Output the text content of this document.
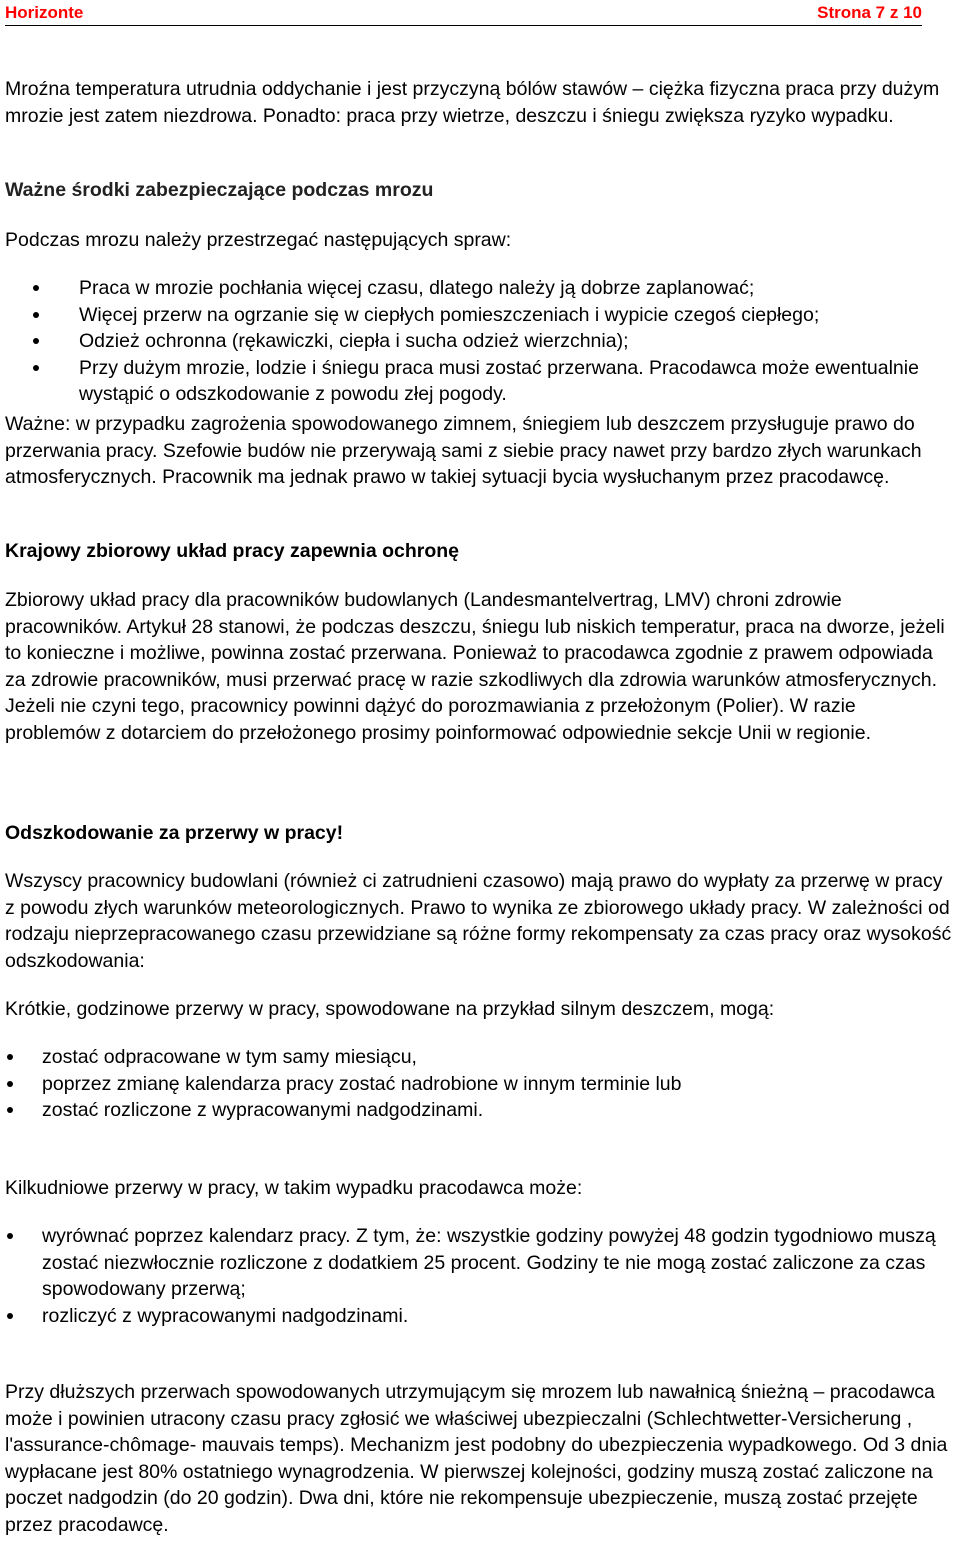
Horizonte	Strona 7 z 10
Mroźna temperatura utrudnia oddychanie i jest przyczyną bólów stawów – ciężka fizyczna praca przy dużym mrozie jest zatem niezdrowa. Ponadto: praca przy wietrze, deszczu i śniegu zwiększa ryzyko wypadku.
Ważne środki zabezpieczające podczas mrozu
Podczas mrozu należy przestrzegać następujących spraw:
Praca w mrozie pochłania więcej czasu, dlatego należy ją dobrze zaplanować;
Więcej przerw na ogrzanie się w ciepłych pomieszczeniach i wypicie czegoś ciepłego;
Odzież ochronna (rękawiczki, ciepła i sucha odzież wierzchnia);
Przy dużym mrozie, lodzie i śniegu praca musi zostać przerwana. Pracodawca może ewentualnie wystąpić o odszkodowanie z powodu złej pogody.
Ważne: w przypadku zagrożenia spowodowanego zimnem, śniegiem lub deszczem przysługuje prawo do przerwania pracy. Szefowie budów nie przerywają sami z siebie pracy nawet przy bardzo złych warunkach atmosferycznych. Pracownik ma jednak prawo w takiej sytuacji bycia wysłuchanym przez pracodawcę.
Krajowy zbiorowy układ pracy zapewnia ochronę
Zbiorowy układ pracy dla pracowników budowlanych (Landesmantelvertrag, LMV) chroni zdrowie pracowników. Artykuł 28 stanowi, że podczas deszczu, śniegu lub niskich temperatur, praca na dworze, jeżeli to konieczne i możliwe, powinna zostać przerwana. Ponieważ to pracodawca zgodnie z prawem odpowiada za zdrowie pracowników, musi przerwać pracę w razie szkodliwych dla zdrowia warunków atmosferycznych. Jeżeli nie czyni tego, pracownicy powinni dążyć do porozmawiania z przełożonym (Polier). W razie problemów z dotarciem do przełożonego prosimy poinformować odpowiednie sekcje Unii w regionie.
Odszkodowanie za przerwy w pracy!
Wszyscy pracownicy budowlani (również ci zatrudnieni czasowo) mają prawo do wypłaty za przerwę w pracy z powodu złych warunków meteorologicznych. Prawo to wynika ze zbiorowego układy pracy. W zależności od rodzaju nieprzepracowanego czasu przewidziane są różne formy rekompensaty za czas pracy oraz wysokość odszkodowania:
Krótkie, godzinowe przerwy w pracy, spowodowane na przykład silnym deszczem, mogą:
zostać odpracowane w tym samy miesiącu,
poprzez zmianę kalendarza pracy zostać nadrobione w innym terminie lub
zostać rozliczone z wypracowanymi nadgodzinami.
Kilkudniowe przerwy w pracy, w takim wypadku pracodawca może:
wyrównać poprzez kalendarz pracy. Z tym, że: wszystkie godziny powyżej 48 godzin tygodniowo muszą zostać niezwłocznie rozliczone z dodatkiem 25 procent. Godziny te nie mogą zostać zaliczone za czas spowodowany przerwą;
rozliczyć z wypracowanymi nadgodzinami.
Przy dłuższych przerwach spowodowanych utrzymującym się mrozem lub nawałnicą śnieżną – pracodawca może i powinien utracony czasu pracy zgłosić we właściwej ubezpieczalni (Schlechtwetter-Versicherung , l'assurance-chômage- mauvais temps). Mechanizm jest podobny do ubezpieczenia wypadkowego. Od 3 dnia wypłacane jest 80% ostatniego wynagrodzenia. W pierwszej kolejności, godziny muszą zostać zaliczone na poczet nadgodzin (do 20 godzin). Dwa dni, które nie rekompensuje ubezpieczenie, muszą zostać przejęte przez pracodawcę.
